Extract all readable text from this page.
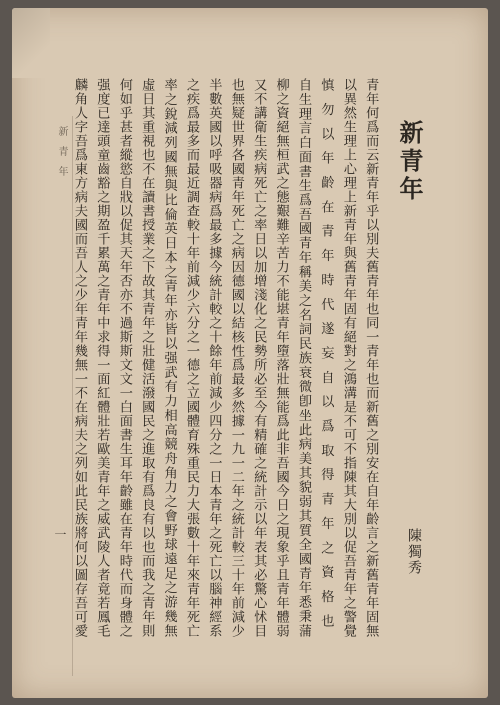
新青年
陳獨秀
新青年
一	青年何爲而云新青年乎以別夫舊青年也同一青年也而新舊之別安在自年齡言之新舊青年固無
以異然生理上心理上新青年與舊青年固有絕對之鴻溝是不可不指陳其大別以促吾青年之警覺
慎勿以年齡在青年時代遂妄自以爲取得青年之資格也
自生理言白面書生爲吾國青年稱美之名詞民族衰微卽坐此病美其貌弱其質全國青年悉秉蒲
柳之資絕無桓武之態艱難辛苦力不能堪青年墮落壯無能爲此非吾國今日之現象乎且青年體弱
又不講衛生疾病死亡之率日以加增淺化之民勢所必至今有精確之統計示以年表其必驚心怵目
也無疑世界各國青年死亡之病因德國以結核性爲最多然據一九一二年之統計較三十年前減少
半數英國以呼吸器病爲最多據今統計較之十餘年前減少四分之一日本青年之死亡以腦神經系
之疾爲最多而最近調查較十年前減少六分之一德之立國體育殊重民力大張數十年來青年死亡
率之銳減列國無與比倫英日本之青年亦皆以强武有力相高競舟角力之會野球遠足之游幾無
虛日其重視也不在讀書授業之下故其青年之壯健活潑國民之進取有爲良有以也而我之青年則
何如乎甚者縱慾自戕以促其天年否亦不過斯斯文文一白面書生耳年齡雖在青年時代而身體之
强度已達頭童齒豁之期盈千累萬之青年中求得一面紅體壯若歐美青年之威武陵人者竟若鳳毛
麟角人字吾爲東方病夫國而吾人之少年青年幾無一不在病夫之列如此民族將何以圖存吾可愛
